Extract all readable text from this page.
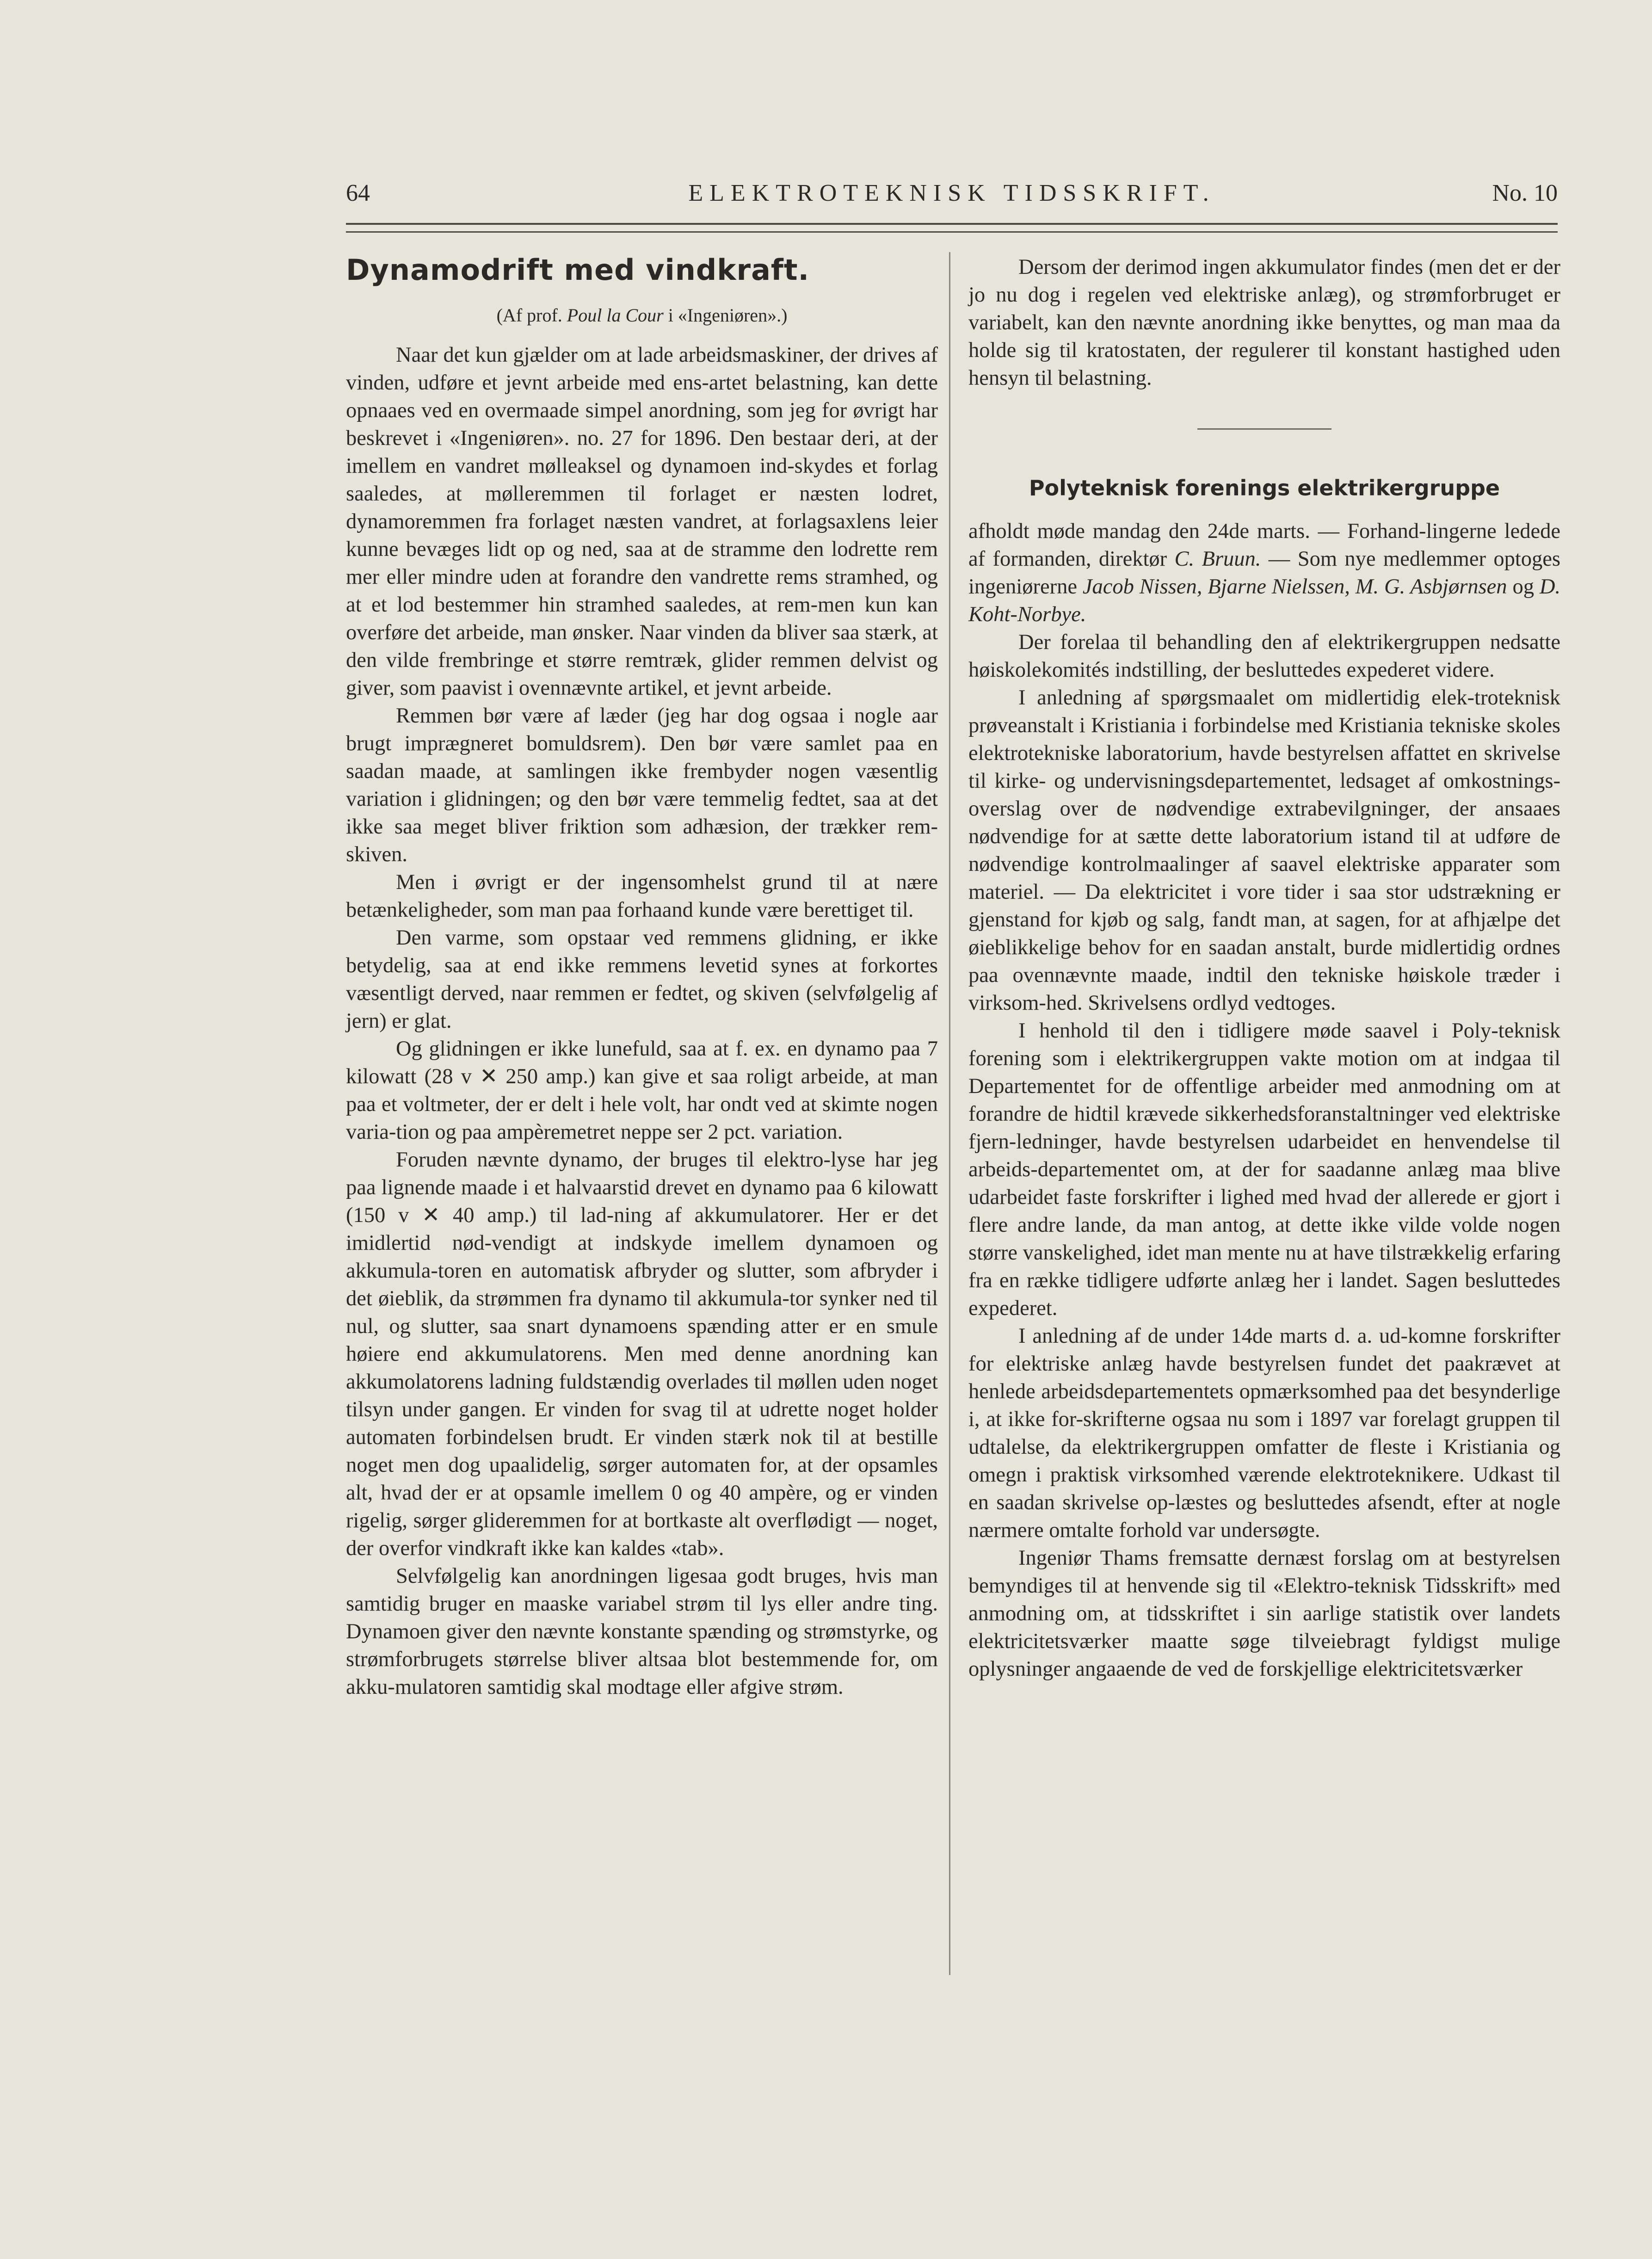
64	ELEKTROTEKNISK TIDSSKRIFT.	No. 10
Dynamodrift med vindkraft.
(Af prof. Poul la Cour i «Ingeniøren».)

Naar det kun gjælder om at lade arbeidsmaskiner, der drives af vinden, udføre et jevnt arbeide med ens-artet belastning, kan dette opnaaes ved en overmaade simpel anordning, som jeg for øvrigt har beskrevet i «Ingeniøren». no. 27 for 1896. Den bestaar deri, at der imellem en vandret mølleaksel og dynamoen ind-skydes et forlag saaledes, at mølleremmen til forlaget er næsten lodret, dynamoremmen fra forlaget næsten vandret, at forlagsaxlens leier kunne bevæges lidt op og ned, saa at de stramme den lodrette rem mer eller mindre uden at forandre den vandrette rems stramhed, og at et lod bestemmer hin stramhed saaledes, at rem-men kun kan overføre det arbeide, man ønsker. Naar vinden da bliver saa stærk, at den vilde frembringe et større remtræk, glider remmen delvist og giver, som paavist i ovennævnte artikel, et jevnt arbeide.

Remmen bør være af læder (jeg har dog ogsaa i nogle aar brugt imprægneret bomuldsrem). Den bør være samlet paa en saadan maade, at samlingen ikke frembyder nogen væsentlig variation i glidningen; og den bør være temmelig fedtet, saa at det ikke saa meget bliver friktion som adhæsion, der trækker rem-skiven.

Men i øvrigt er der ingensomhelst grund til at nære betænkeligheder, som man paa forhaand kunde være berettiget til.

Den varme, som opstaar ved remmens glidning, er ikke betydelig, saa at end ikke remmens levetid synes at forkortes væsentligt derved, naar remmen er fedtet, og skiven (selvfølgelig af jern) er glat.

Og glidningen er ikke lunefuld, saa at f. ex. en dynamo paa 7 kilowatt (28 v ✕ 250 amp.) kan give et saa roligt arbeide, at man paa et voltmeter, der er delt i hele volt, har ondt ved at skimte nogen varia-tion og paa ampèremetret neppe ser 2 pct. variation.

Foruden nævnte dynamo, der bruges til elektro-lyse har jeg paa lignende maade i et halvaarstid drevet en dynamo paa 6 kilowatt (150 v ✕ 40 amp.) til lad-ning af akkumulatorer. Her er det imidlertid nød-vendigt at indskyde imellem dynamoen og akkumula-toren en automatisk afbryder og slutter, som afbryder i det øieblik, da strømmen fra dynamo til akkumula-tor synker ned til nul, og slutter, saa snart dynamoens spænding atter er en smule høiere end akkumulatorens. Men med denne anordning kan akkumolatorens ladning fuldstændig overlades til møllen uden noget tilsyn under gangen. Er vinden for svag til at udrette noget holder automaten forbindelsen brudt. Er vinden stærk nok til at bestille noget men dog upaalidelig, sørger automaten for, at der opsamles alt, hvad der er at opsamle imellem 0 og 40 ampère, og er vinden rigelig, sørger glideremmen for at bortkaste alt overflødigt — noget, der overfor vindkraft ikke kan kaldes «tab».

Selvfølgelig kan anordningen ligesaa godt bruges, hvis man samtidig bruger en maaske variabel strøm til lys eller andre ting. Dynamoen giver den nævnte konstante spænding og strømstyrke, og strømforbrugets størrelse bliver altsaa blot bestemmende for, om akku-mulatoren samtidig skal modtage eller afgive strøm.

Dersom der derimod ingen akkumulator findes (men det er der jo nu dog i regelen ved elektriske anlæg), og strømforbruget er variabelt, kan den nævnte anordning ikke benyttes, og man maa da holde sig til kratostaten, der regulerer til konstant hastighed uden hensyn til belastning.

Polyteknisk forenings elektrikergruppe

afholdt møde mandag den 24de marts. — Forhand-lingerne ledede af formanden, direktør C. Bruun. — Som nye medlemmer optoges ingeniørerne Jacob Nissen, Bjarne Nielssen, M. G. Asbjørnsen og D. Koht-Norbye.

Der forelaa til behandling den af elektrikergruppen nedsatte høiskolekomités indstilling, der besluttedes expederet videre.

I anledning af spørgsmaalet om midlertidig elek-troteknisk prøveanstalt i Kristiania i forbindelse med Kristiania tekniske skoles elektrotekniske laboratorium, havde bestyrelsen affattet en skrivelse til kirke- og undervisningsdepartementet, ledsaget af omkostnings-overslag over de nødvendige extrabevilgninger, der ansaaes nødvendige for at sætte dette laboratorium istand til at udføre de nødvendige kontrolmaalinger af saavel elektriske apparater som materiel. — Da elektricitet i vore tider i saa stor udstrækning er gjenstand for kjøb og salg, fandt man, at sagen, for at afhjælpe det øieblikkelige behov for en saadan anstalt, burde midlertidig ordnes paa ovennævnte maade, indtil den tekniske høiskole træder i virksom-hed. Skrivelsens ordlyd vedtoges.

I henhold til den i tidligere møde saavel i Poly-teknisk forening som i elektrikergruppen vakte motion om at indgaa til Departementet for de offentlige arbeider med anmodning om at forandre de hidtil krævede sikkerhedsforanstaltninger ved elektriske fjern-ledninger, havde bestyrelsen udarbeidet en henvendelse til arbeids-departementet om, at der for saadanne anlæg maa blive udarbeidet faste forskrifter i lighed med hvad der allerede er gjort i flere andre lande, da man antog, at dette ikke vilde volde nogen større vanskelighed, idet man mente nu at have tilstrækkelig erfaring fra en række tidligere udførte anlæg her i landet. Sagen besluttedes expederet.

I anledning af de under 14de marts d. a. ud-komne forskrifter for elektriske anlæg havde bestyrelsen fundet det paakrævet at henlede arbeidsdepartementets opmærksomhed paa det besynderlige i, at ikke for-skrifterne ogsaa nu som i 1897 var forelagt gruppen til udtalelse, da elektrikergruppen omfatter de fleste i Kristiania og omegn i praktisk virksomhed værende elektroteknikere. Udkast til en saadan skrivelse op-læstes og besluttedes afsendt, efter at nogle nærmere omtalte forhold var undersøgte.

Ingeniør Thams fremsatte dernæst forslag om at bestyrelsen bemyndiges til at henvende sig til «Elektro-teknisk Tidsskrift» med anmodning om, at tidsskriftet i sin aarlige statistik over landets elektricitetsværker maatte søge tilveiebragt fyldigst mulige oplysninger angaaende de ved de forskjellige elektricitetsværker
